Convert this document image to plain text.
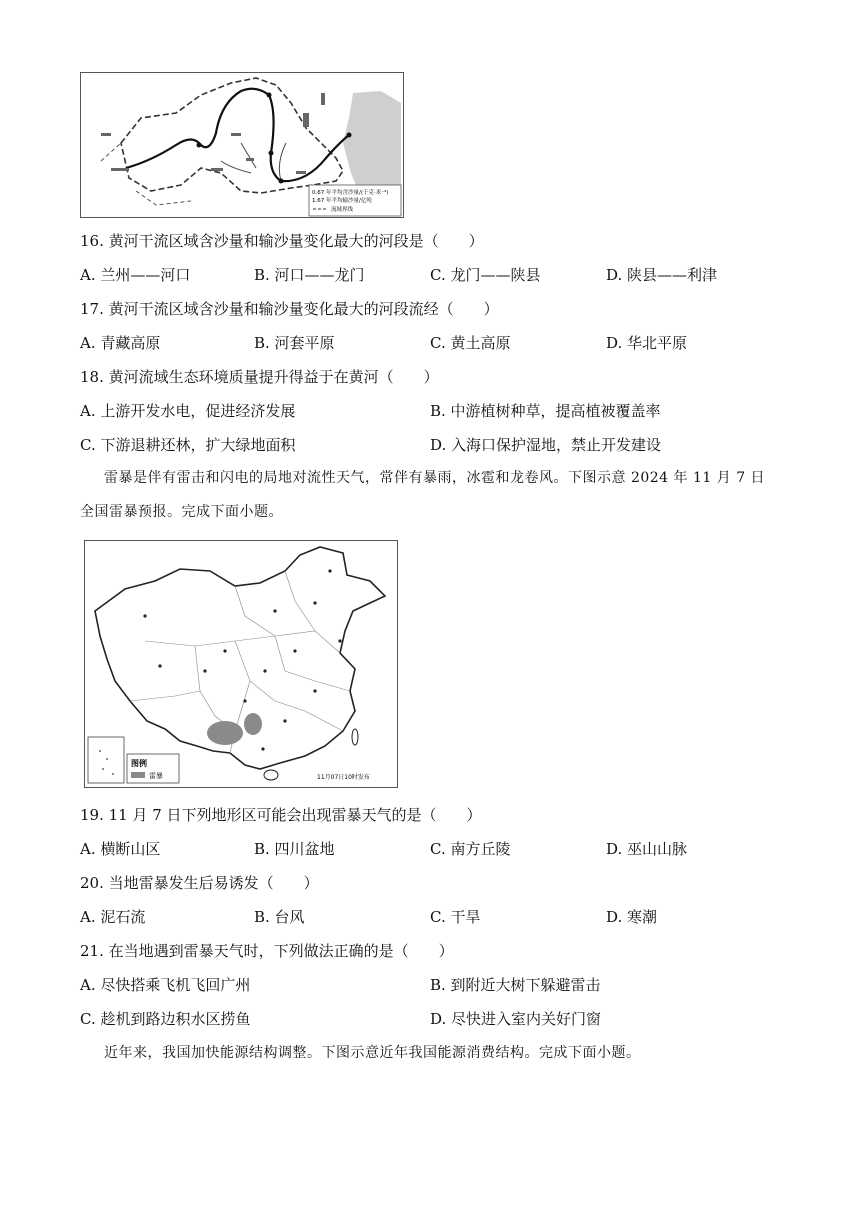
0.67 年平均含沙量/(千克·米⁻³)
1.67 年平均输沙量/亿吨
流域界线
16. 黄河干流区域含沙量和输沙量变化最大的河段是（　　）
A. 兰州——河口	B. 河口——龙门	C. 龙门——陕县	D. 陕县——利津
17. 黄河干流区域含沙量和输沙量变化最大的河段流经（　　）
A. 青藏高原	B. 河套平原	C. 黄土高原	D. 华北平原
18. 黄河流域生态环境质量提升得益于在黄河（　　）
A. 上游开发水电，促进经济发展	B. 中游植树种草，提高植被覆盖率
C. 下游退耕还林，扩大绿地面积	D. 入海口保护湿地，禁止开发建设
雷暴是伴有雷击和闪电的局地对流性天气，常伴有暴雨，冰雹和龙卷风。下图示意 2024 年 11 月 7 日
全国雷暴预报。完成下面小题。
图例
雷暴	11月07日10时发布
19. 11 月 7 日下列地形区可能会出现雷暴天气的是（　　）
A. 横断山区	B. 四川盆地	C. 南方丘陵	D. 巫山山脉
20. 当地雷暴发生后易诱发（　　）
A. 泥石流	B. 台风	C. 干旱	D. 寒潮
21. 在当地遇到雷暴天气时，下列做法正确的是（　　）
A. 尽快搭乘飞机飞回广州	B. 到附近大树下躲避雷击
C. 趁机到路边积水区捞鱼	D. 尽快进入室内关好门窗
近年来，我国加快能源结构调整。下图示意近年我国能源消费结构。完成下面小题。
